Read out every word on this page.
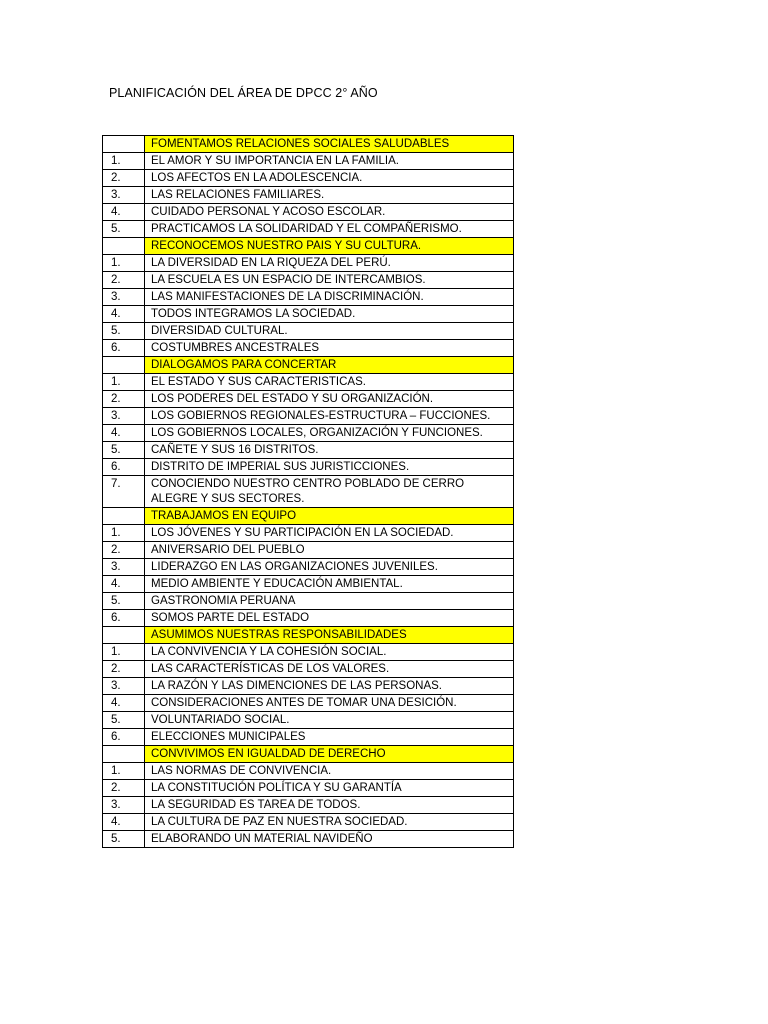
PLANIFICACIÓN DEL ÁREA DE DPCC 2° AÑO
	FOMENTAMOS RELACIONES SOCIALES SALUDABLES
1.	EL AMOR Y SU IMPORTANCIA EN LA FAMILIA.
2.	LOS AFECTOS EN LA ADOLESCENCIA.
3.	LAS RELACIONES FAMILIARES.
4.	CUIDADO PERSONAL Y ACOSO ESCOLAR.
5.	PRACTICAMOS LA SOLIDARIDAD Y EL COMPAÑERISMO.
	RECONOCEMOS NUESTRO PAIS Y SU CULTURA.
1.	LA DIVERSIDAD EN LA RIQUEZA DEL PERÚ.
2.	LA ESCUELA ES UN ESPACIO DE INTERCAMBIOS.
3.	LAS MANIFESTACIONES DE LA DISCRIMINACIÓN.
4.	TODOS INTEGRAMOS LA SOCIEDAD.
5.	DIVERSIDAD CULTURAL.
6.	COSTUMBRES ANCESTRALES
	DIALOGAMOS PARA CONCERTAR
1.	EL ESTADO Y SUS CARACTERISTICAS.
2.	LOS PODERES DEL ESTADO Y SU ORGANIZACIÓN.
3.	LOS GOBIERNOS REGIONALES-ESTRUCTURA – FUCCIONES.
4.	LOS GOBIERNOS LOCALES, ORGANIZACIÓN Y FUNCIONES.
5.	CAÑETE Y SUS 16 DISTRITOS.
6.	DISTRITO DE IMPERIAL SUS JURISTICCIONES.
7.	CONOCIENDO NUESTRO CENTRO POBLADO DE CERRO ALEGRE Y SUS SECTORES.
	TRABAJAMOS EN EQUIPO
1.	LOS JÓVENES Y SU PARTICIPACIÓN EN LA SOCIEDAD.
2.	ANIVERSARIO DEL PUEBLO
3.	LIDERAZGO EN LAS ORGANIZACIONES JUVENILES.
4.	MEDIO AMBIENTE Y EDUCACIÓN AMBIENTAL.
5.	GASTRONOMIA PERUANA
6.	SOMOS PARTE DEL ESTADO
	ASUMIMOS NUESTRAS RESPONSABILIDADES
1.	LA CONVIVENCIA Y LA COHESIÓN SOCIAL.
2.	LAS CARACTERÍSTICAS DE LOS VALORES.
3.	LA RAZÓN Y LAS DIMENCIONES DE LAS PERSONAS.
4.	CONSIDERACIONES ANTES DE TOMAR UNA DESICIÓN.
5.	VOLUNTARIADO SOCIAL.
6.	ELECCIONES MUNICIPALES
	CONVIVIMOS EN IGUALDAD DE DERECHO
1.	LAS NORMAS DE CONVIVENCIA.
2.	LA CONSTITUCIÓN POLÍTICA Y SU GARANTÍA
3.	LA SEGURIDAD ES TAREA DE TODOS.
4.	LA CULTURA DE PAZ EN NUESTRA SOCIEDAD.
5.	ELABORANDO UN MATERIAL NAVIDEÑO
